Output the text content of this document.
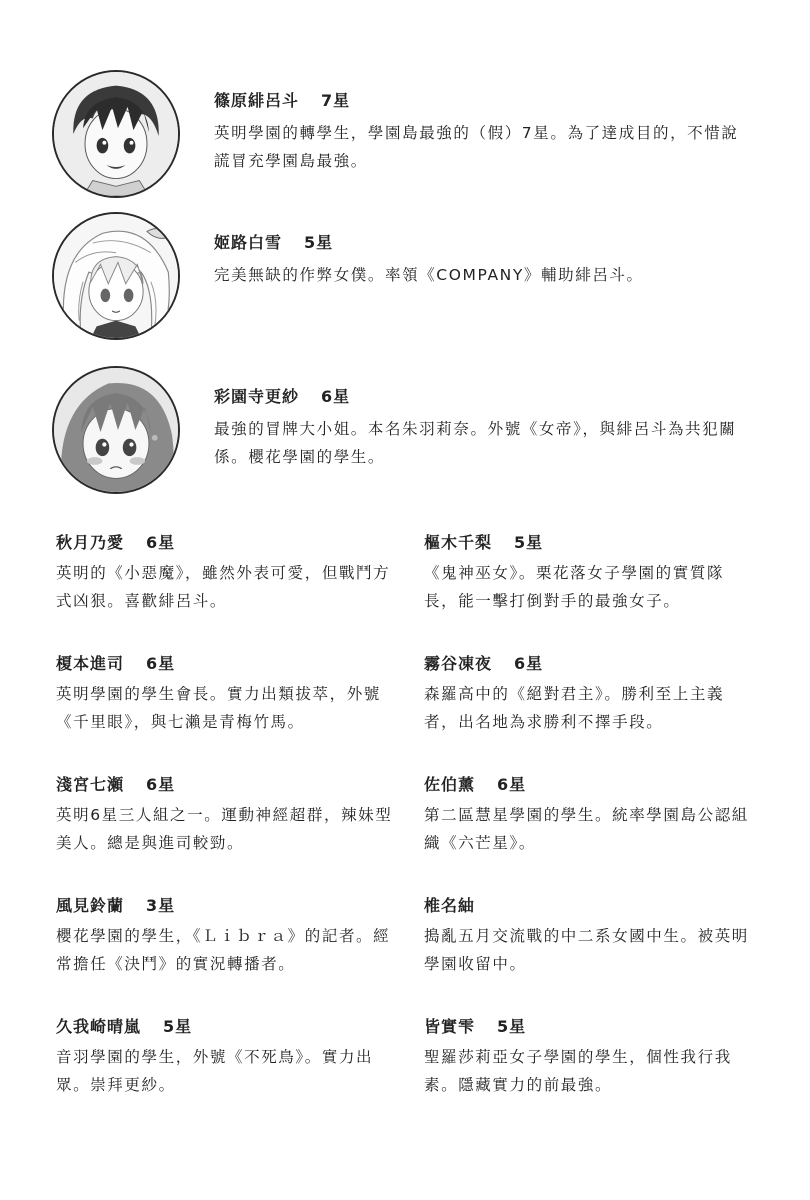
篠原緋呂斗 7星

英明學園的轉學生，學園島最強的（假）7星。為了達成目的，不惜說謊冒充學園島最強。

姬路白雪 5星

完美無缺的作弊女僕。率領《COMPANY》輔助緋呂斗。

彩園寺更紗 6星

最強的冒牌大小姐。本名朱羽莉奈。外號《女帝》，與緋呂斗為共犯關係。櫻花學園的學生。

秋月乃愛 6星

英明的《小惡魔》，雖然外表可愛，但戰鬥方式凶狠。喜歡緋呂斗。

榎本進司 6星

英明學園的學生會長。實力出類拔萃，外號《千里眼》，與七瀨是青梅竹馬。

淺宮七瀬 6星

英明6星三人組之一。運動神經超群，辣妹型美人。總是與進司較勁。

風見鈴蘭 3星

櫻花學園的學生，《Ｌｉｂｒａ》的記者。經常擔任《決鬥》的實況轉播者。

久我崎晴嵐 5星

音羽學園的學生，外號《不死鳥》。實力出眾。崇拜更紗。

樞木千梨 5星

《鬼神巫女》。栗花落女子學園的實質隊長，能一擊打倒對手的最強女子。

霧谷凍夜 6星

森羅高中的《絕對君主》。勝利至上主義者，出名地為求勝利不擇手段。

佐伯薰 6星

第二區慧星學園的學生。統率學園島公認組織《六芒星》。

椎名紬

搗亂五月交流戰的中二系女國中生。被英明學園收留中。

皆實雫 5星

聖羅莎莉亞女子學園的學生，個性我行我素。隱藏實力的前最強。
